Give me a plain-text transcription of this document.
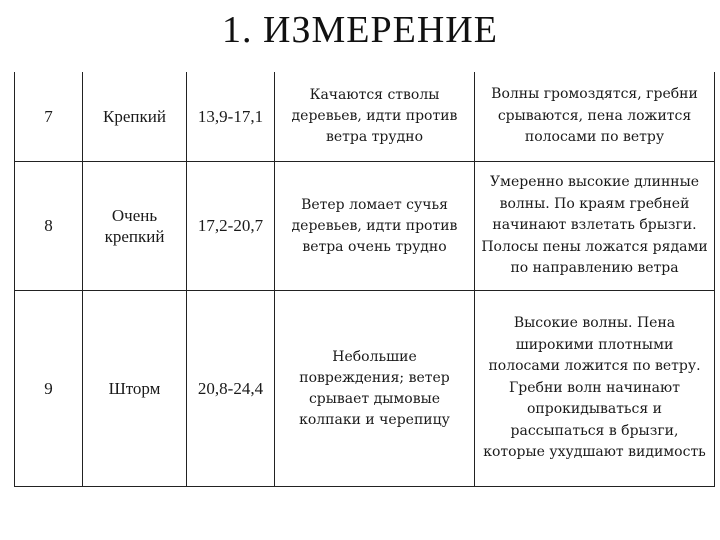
1. ИЗМЕРЕНИЕ
7	Крепкий	13,9-17,1	Качаются стволы деревьев, идти против ветра трудно	Волны громоздятся, гребни срываются, пена ложится полосами по ветру

8	Очень крепкий	17,2-20,7	Ветер ломает сучья деревьев, идти против ветра очень трудно	Умеренно высокие длинные волны. По краям гребней начинают взлетать брызги. Полосы пены ложатся рядами по направлению ветра

9	Шторм	20,8-24,4	Небольшие повреждения; ветер срывает дымовые колпаки и черепицу	Высокие волны. Пена широкими плотными полосами ложится по ветру. Гребни волн начинают опрокидываться и рассыпаться в брызги, которые ухудшают видимость
